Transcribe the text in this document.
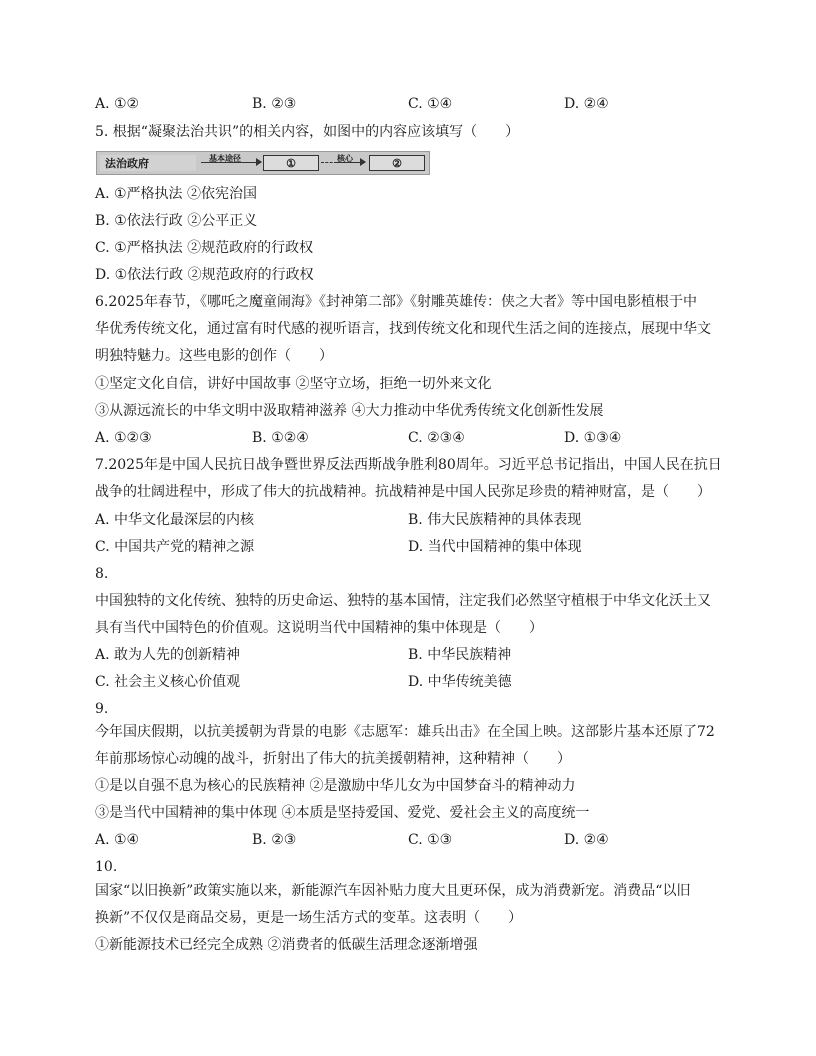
A. ①②	B. ②③	C. ①④	D. ②④
5. 根据“凝聚法治共识”的相关内容，如图中的内容应该填写（　　）
法治政府	基本途径	①	核心	②
A. ①严格执法 ②依宪治国
B. ①依法行政 ②公平正义
C. ①严格执法 ②规范政府的行政权
D. ①依法行政 ②规范政府的行政权
6.2025年春节，《哪吒之魔童闹海》《封神第二部》《射雕英雄传：侠之大者》等中国电影植根于中
华优秀传统文化，通过富有时代感的视听语言，找到传统文化和现代生活之间的连接点，展现中华文
明独特魅力。这些电影的创作（　　）
①坚定文化自信，讲好中国故事 ②坚守立场，拒绝一切外来文化
③从源远流长的中华文明中汲取精神滋养 ④大力推动中华优秀传统文化创新性发展
A. ①②③	B. ①②④	C. ②③④	D. ①③④
7.2025年是中国人民抗日战争暨世界反法西斯战争胜利80周年。习近平总书记指出，中国人民在抗日
战争的壮阔进程中，形成了伟大的抗战精神。抗战精神是中国人民弥足珍贵的精神财富，是（　　）
A. 中华文化最深层的内核	B. 伟大民族精神的具体表现
C. 中国共产党的精神之源	D. 当代中国精神的集中体现
8.
中国独特的文化传统、独特的历史命运、独特的基本国情，注定我们必然坚守植根于中华文化沃土又
具有当代中国特色的价值观。这说明当代中国精神的集中体现是（　　）
A. 敢为人先的创新精神	B. 中华民族精神
C. 社会主义核心价值观	D. 中华传统美德
9.
今年国庆假期，以抗美援朝为背景的电影《志愿军：雄兵出击》在全国上映。这部影片基本还原了72
年前那场惊心动魄的战斗，折射出了伟大的抗美援朝精神，这种精神（　　）
①是以自强不息为核心的民族精神 ②是激励中华儿女为中国梦奋斗的精神动力
③是当代中国精神的集中体现 ④本质是坚持爱国、爱党、爱社会主义的高度统一
A. ①④	B. ②③	C. ①③	D. ②④
10.
国家“以旧换新”政策实施以来，新能源汽车因补贴力度大且更环保，成为消费新宠。消费品“以旧
换新”不仅仅是商品交易，更是一场生活方式的变革。这表明（　　）
①新能源技术已经完全成熟 ②消费者的低碳生活理念逐渐增强
